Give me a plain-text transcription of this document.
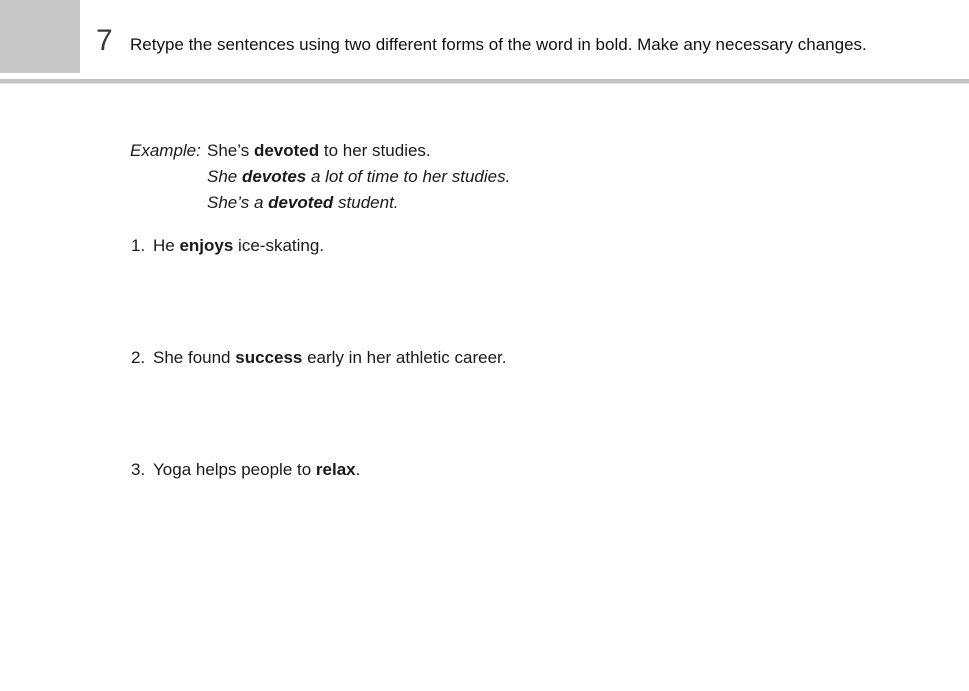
7 Retype the sentences using two different forms of the word in bold. Make any necessary changes.
Example: She’s devoted to her studies.
She devotes a lot of time to her studies.
She’s a devoted student.
1. He enjoys ice-skating.
2. She found success early in her athletic career.
3. Yoga helps people to relax.
